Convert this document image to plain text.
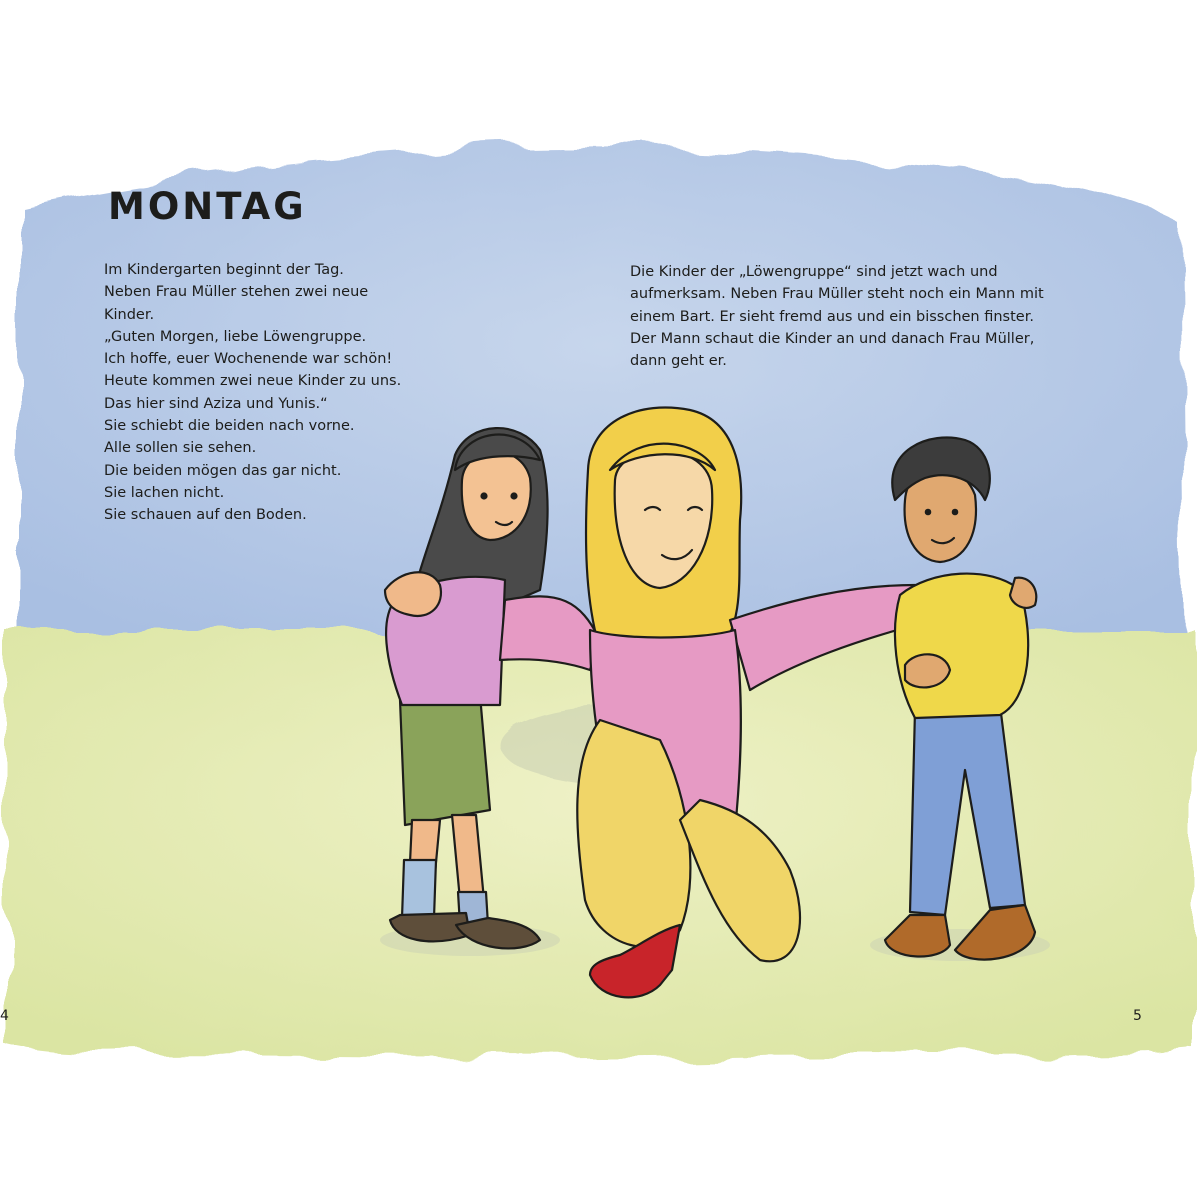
MONTAG
Im Kindergarten beginnt der Tag.
Neben Frau Müller stehen zwei neue
Kinder.
„Guten Morgen, liebe Löwengruppe.
Ich hoffe, euer Wochenende war schön!
Heute kommen zwei neue Kinder zu uns.
Das hier sind Aziza und Yunis.“
Sie schiebt die beiden nach vorne.
Alle sollen sie sehen.
Die beiden mögen das gar nicht.
Sie lachen nicht.
Sie schauen auf den Boden.
Die Kinder der „Löwengruppe“ sind jetzt wach und
aufmerksam. Neben Frau Müller steht noch ein Mann mit
einem Bart. Er sieht fremd aus und ein bisschen finster.
Der Mann schaut die Kinder an und danach Frau Müller,
dann geht er.
4	5
